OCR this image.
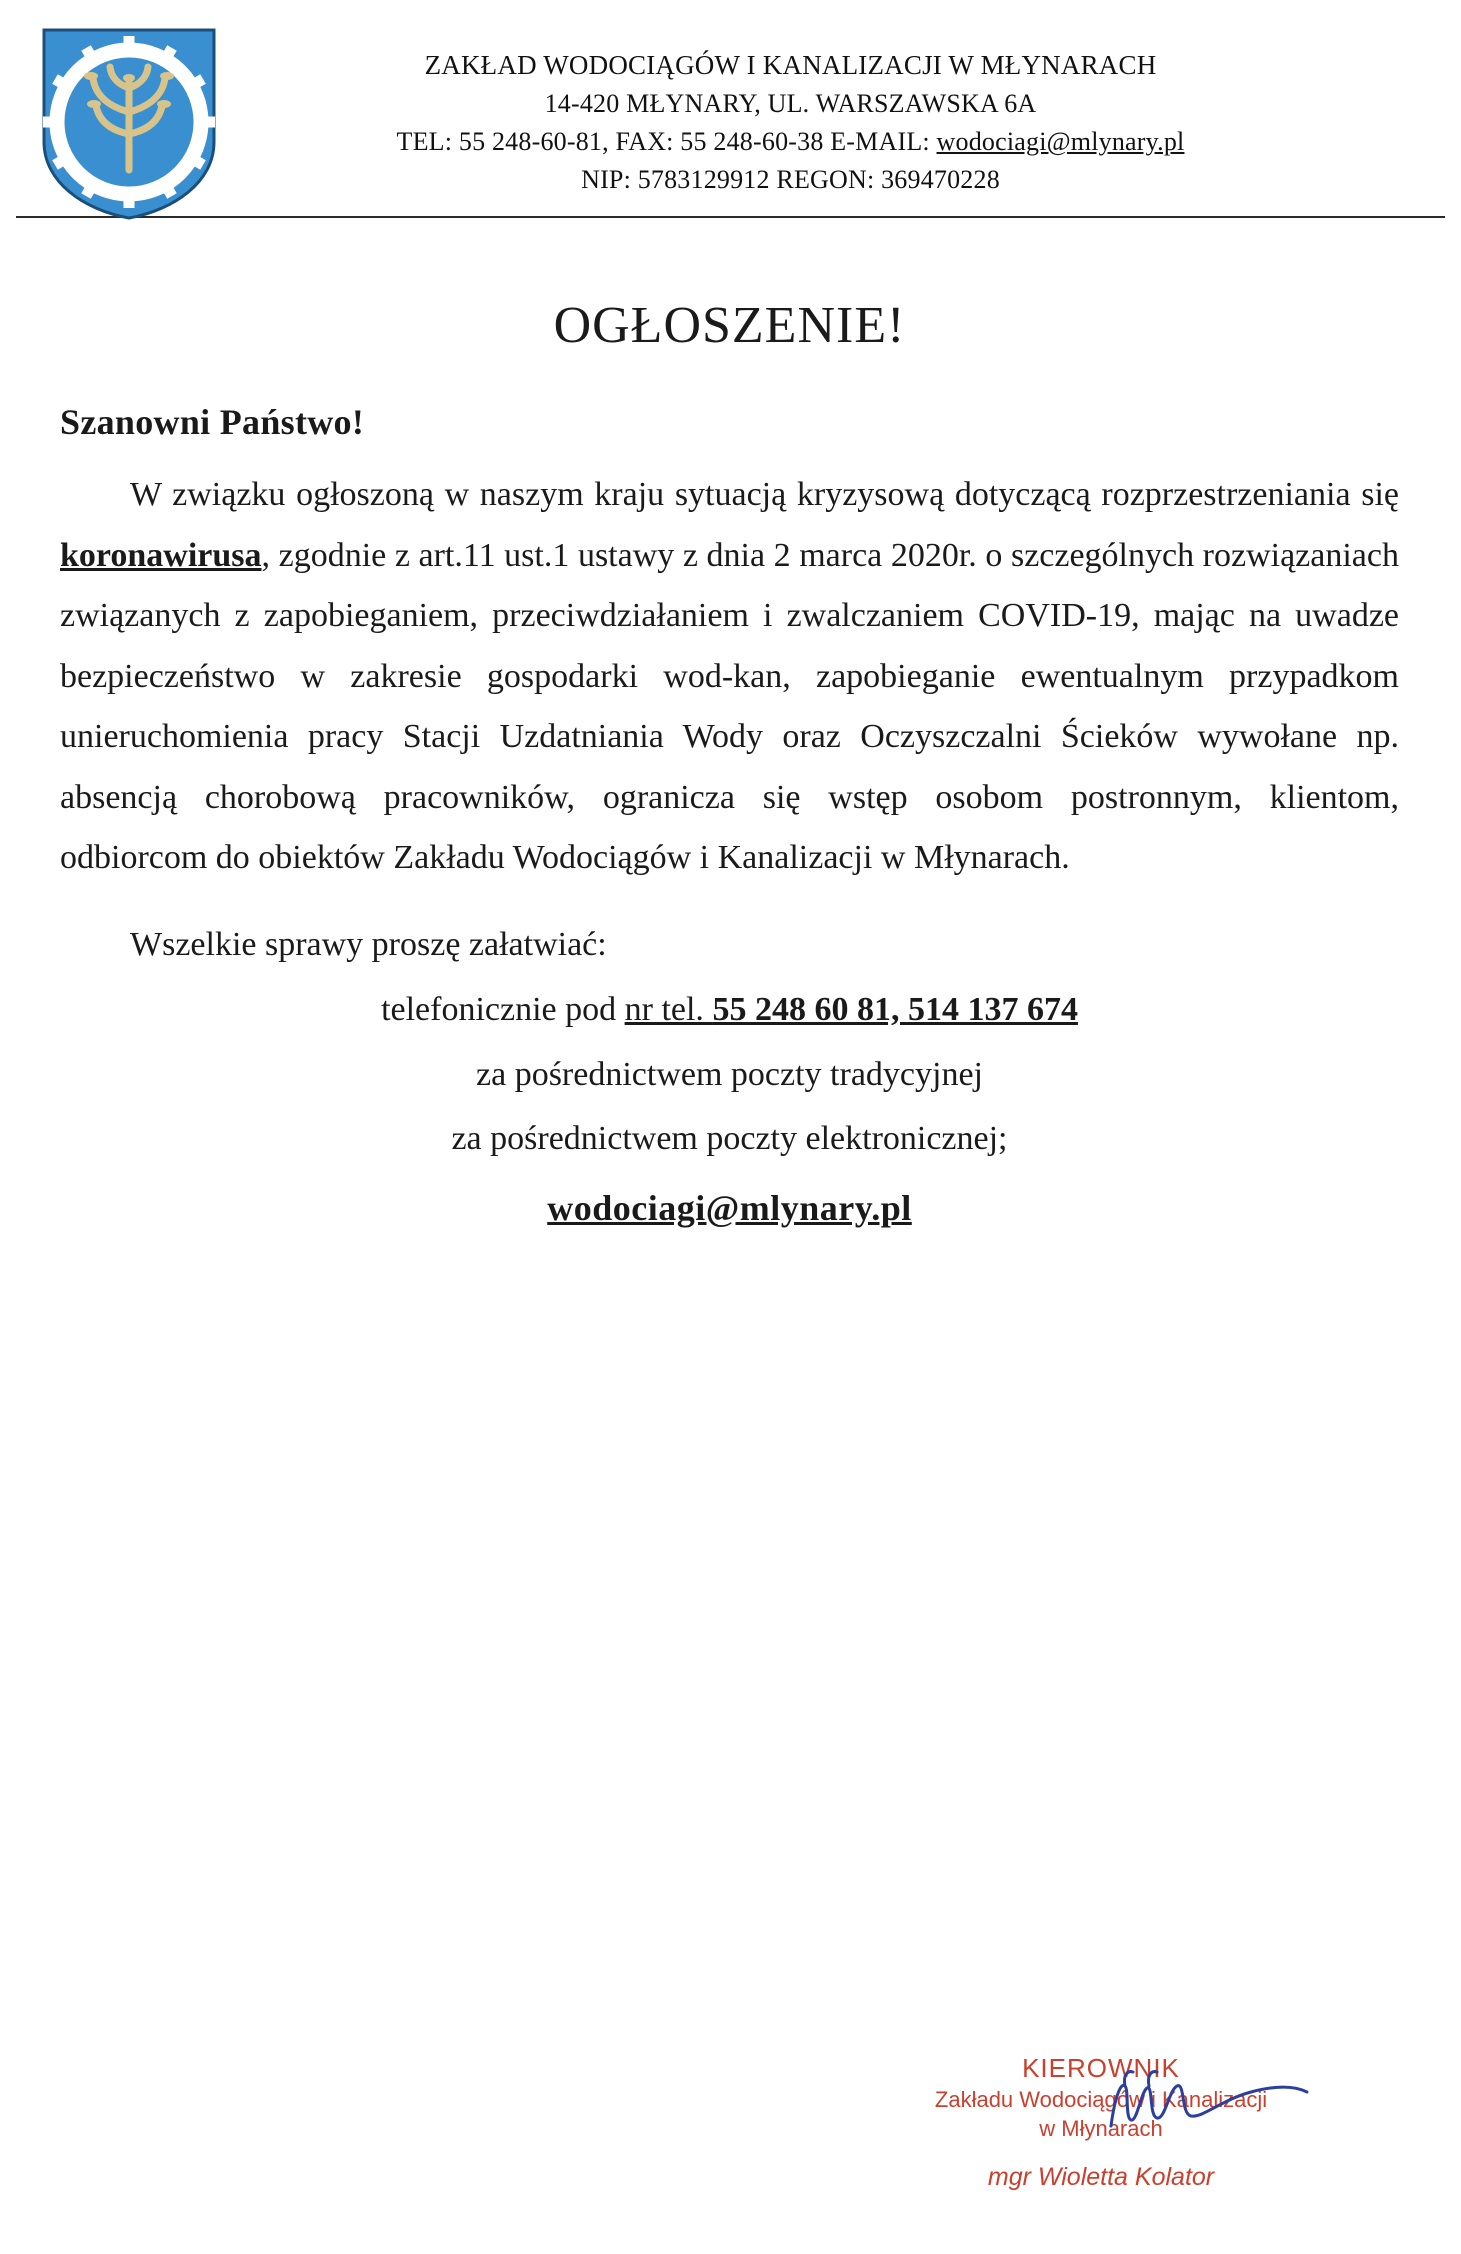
ZAKŁAD WODOCIĄGÓW I KANALIZACJI W MŁYNARACH
14-420 MŁYNARY, UL. WARSZAWSKA 6A
TEL: 55 248-60-81, FAX: 55 248-60-38 E-MAIL: wodociagi@mlynary.pl
NIP: 5783129912 REGON: 369470228
OGŁOSZENIE!
Szanowni Państwo!

W związku ogłoszoną w naszym kraju sytuacją kryzysową dotyczącą rozprzestrzeniania się koronawirusa, zgodnie z art.11 ust.1 ustawy z dnia 2 marca 2020r. o szczególnych rozwiązaniach związanych z zapobieganiem, przeciwdziałaniem i zwalczaniem COVID-19, mając na uwadze bezpieczeństwo w zakresie gospodarki wod-kan, zapobieganie ewentualnym przypadkom unieruchomienia pracy Stacji Uzdatniania Wody oraz Oczyszczalni Ścieków wywołane np. absencją chorobową pracowników, ogranicza się wstęp osobom postronnym, klientom, odbiorcom do obiektów Zakładu Wodociągów i Kanalizacji w Młynarach.

Wszelkie sprawy proszę załatwiać:
telefonicznie pod nr tel. 55 248 60 81, 514 137 674
za pośrednictwem poczty tradycyjnej
za pośrednictwem poczty elektronicznej;
wodociagi@mlynary.pl
KIEROWNIK
Zakładu Wodociągów i Kanalizacji
w Młynarach
mgr Wioletta Kolator
